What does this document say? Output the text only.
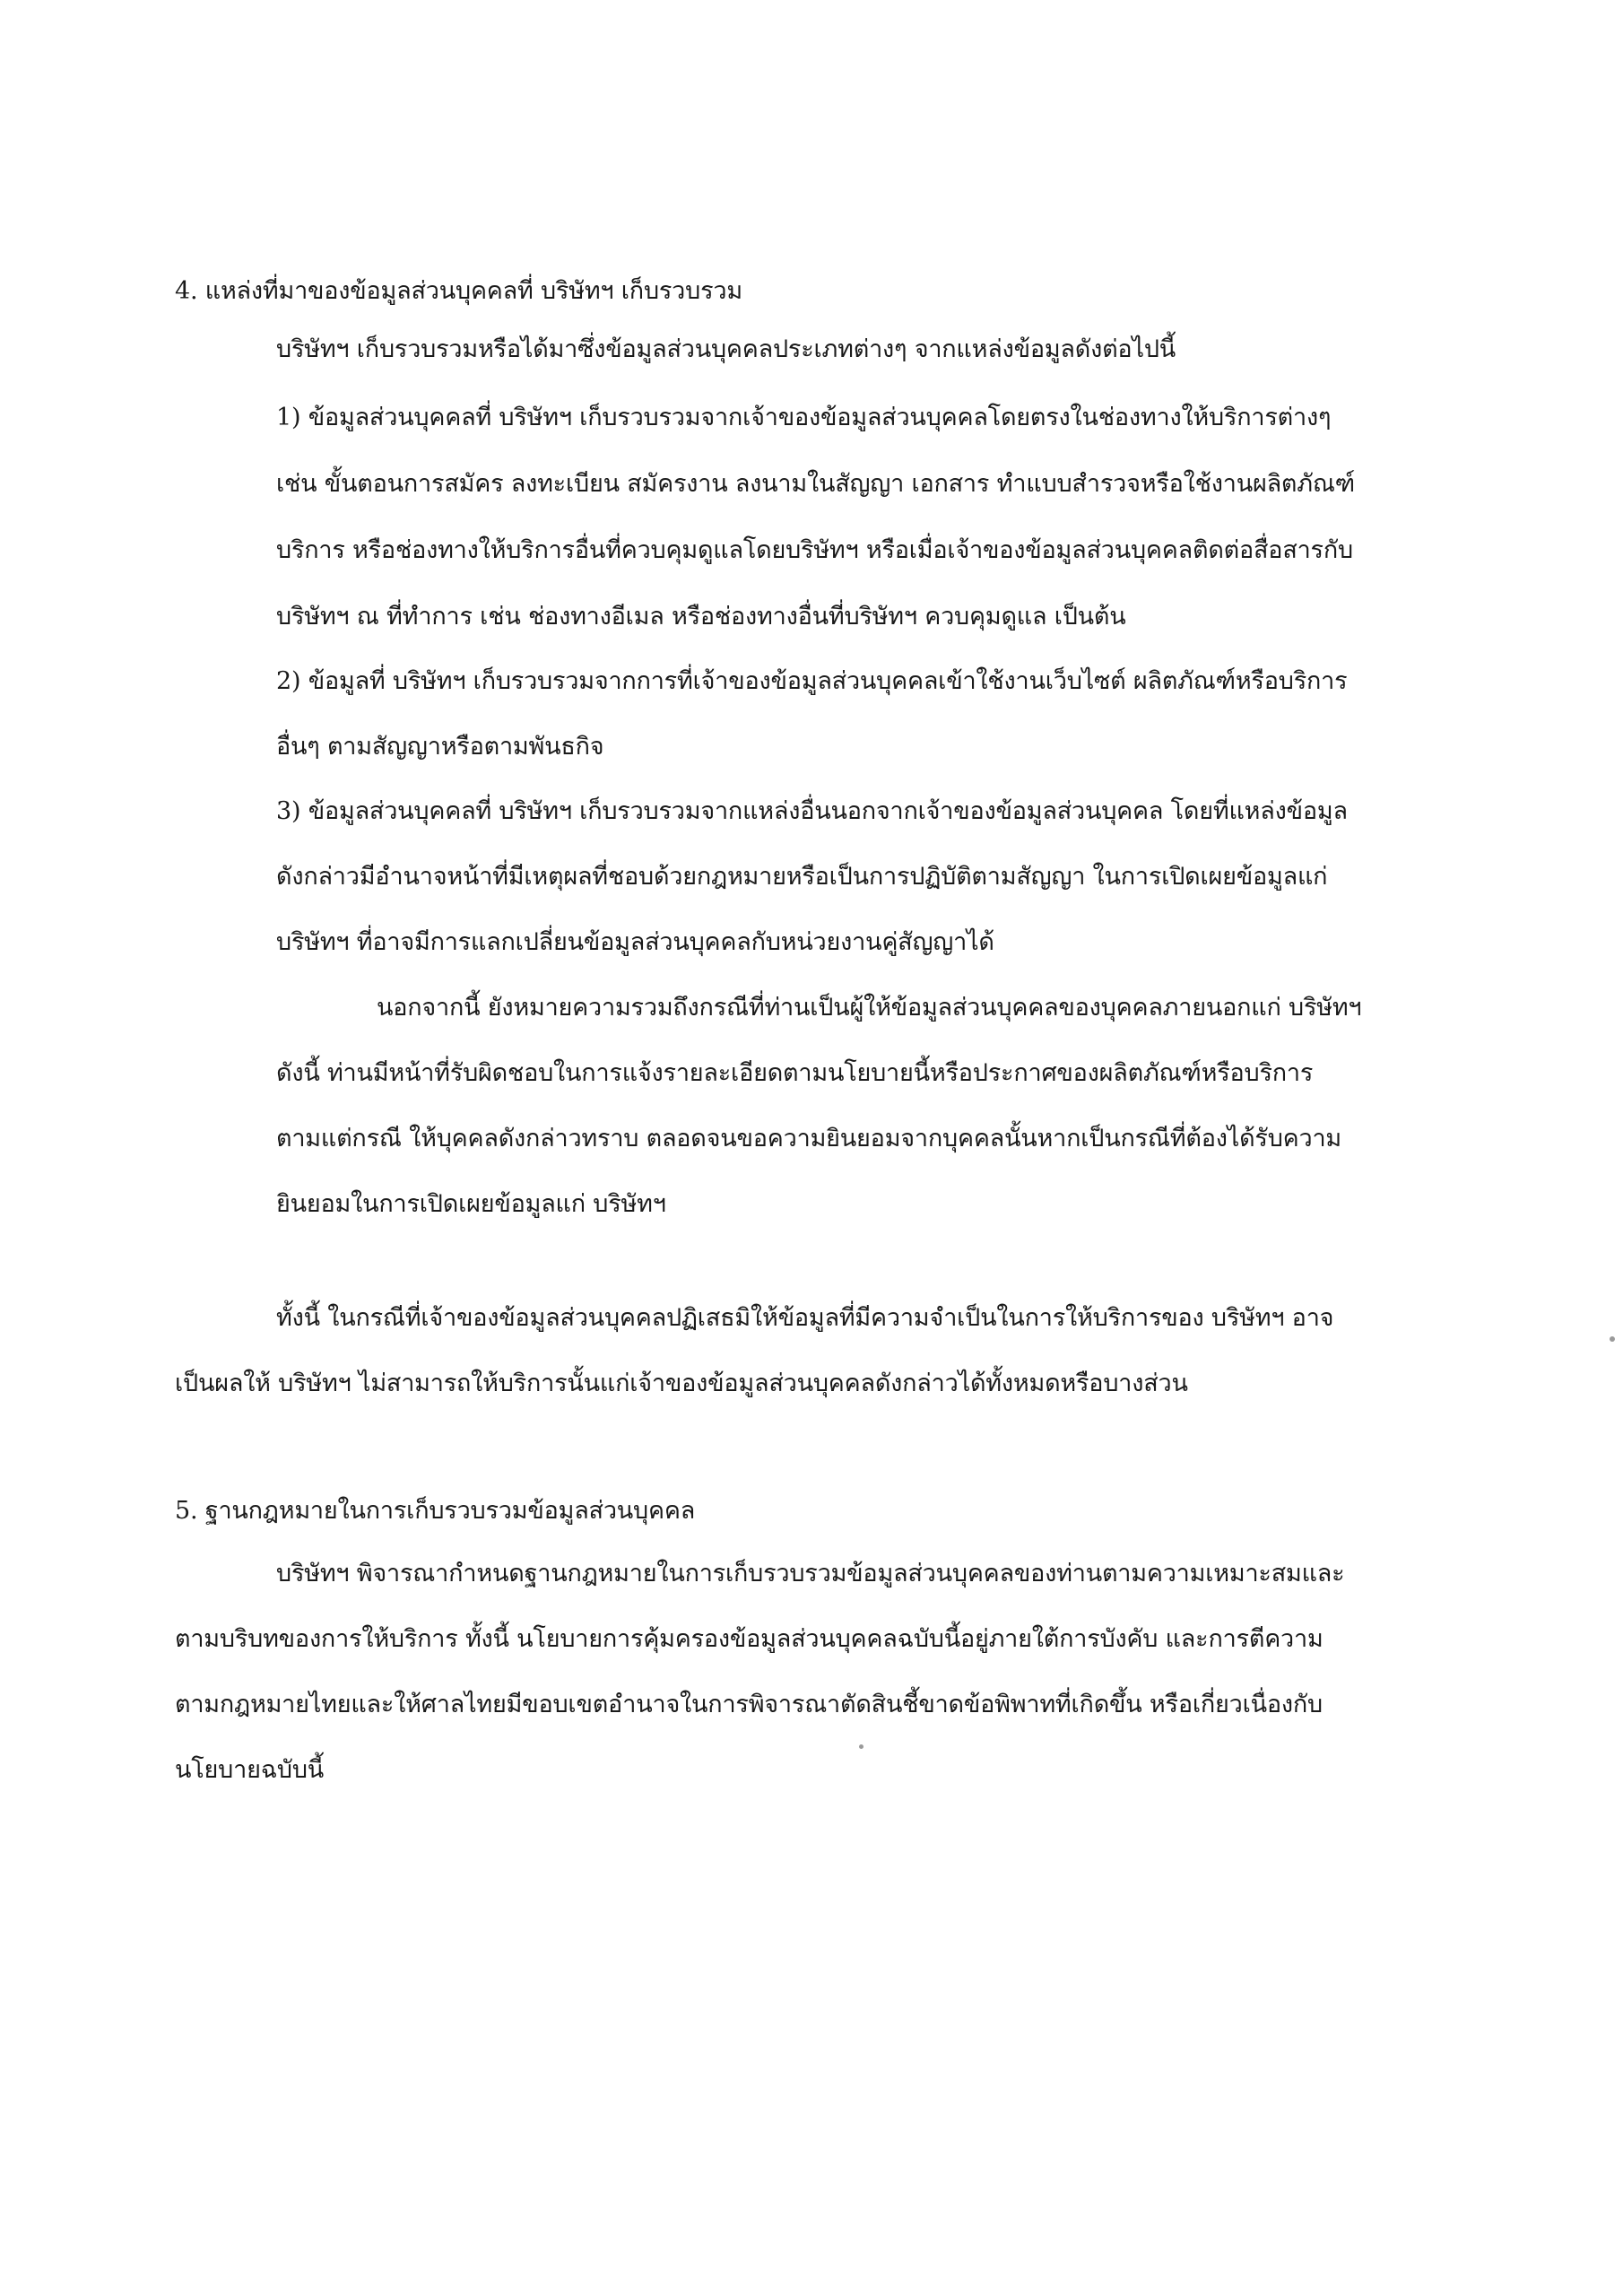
4. แหล่งที่มาของข้อมูลส่วนบุคคลที่ บริษัทฯ เก็บรวบรวม
บริษัทฯ เก็บรวบรวมหรือได้มาซึ่งข้อมูลส่วนบุคคลประเภทต่างๆ จากแหล่งข้อมูลดังต่อไปนี้
1) ข้อมูลส่วนบุคคลที่ บริษัทฯ เก็บรวบรวมจากเจ้าของข้อมูลส่วนบุคคลโดยตรงในช่องทางให้บริการต่างๆ
เช่น ขั้นตอนการสมัคร ลงทะเบียน สมัครงาน ลงนามในสัญญา เอกสาร ทำแบบสำรวจหรือใช้งานผลิตภัณฑ์
บริการ หรือช่องทางให้บริการอื่นที่ควบคุมดูแลโดยบริษัทฯ หรือเมื่อเจ้าของข้อมูลส่วนบุคคลติดต่อสื่อสารกับ
บริษัทฯ ณ ที่ทำการ เช่น ช่องทางอีเมล หรือช่องทางอื่นที่บริษัทฯ ควบคุมดูแล เป็นต้น
2) ข้อมูลที่ บริษัทฯ เก็บรวบรวมจากการที่เจ้าของข้อมูลส่วนบุคคลเข้าใช้งานเว็บไซต์ ผลิตภัณฑ์หรือบริการ
อื่นๆ ตามสัญญาหรือตามพันธกิจ
3) ข้อมูลส่วนบุคคลที่ บริษัทฯ เก็บรวบรวมจากแหล่งอื่นนอกจากเจ้าของข้อมูลส่วนบุคคล โดยที่แหล่งข้อมูล
ดังกล่าวมีอำนาจหน้าที่มีเหตุผลที่ชอบด้วยกฎหมายหรือเป็นการปฏิบัติตามสัญญา ในการเปิดเผยข้อมูลแก่
บริษัทฯ ที่อาจมีการแลกเปลี่ยนข้อมูลส่วนบุคคลกับหน่วยงานคู่สัญญาได้
นอกจากนี้ ยังหมายความรวมถึงกรณีที่ท่านเป็นผู้ให้ข้อมูลส่วนบุคคลของบุคคลภายนอกแก่ บริษัทฯ
ดังนี้ ท่านมีหน้าที่รับผิดชอบในการแจ้งรายละเอียดตามนโยบายนี้หรือประกาศของผลิตภัณฑ์หรือบริการ
ตามแต่กรณี ให้บุคคลดังกล่าวทราบ ตลอดจนขอความยินยอมจากบุคคลนั้นหากเป็นกรณีที่ต้องได้รับความ
ยินยอมในการเปิดเผยข้อมูลแก่ บริษัทฯ
ทั้งนี้ ในกรณีที่เจ้าของข้อมูลส่วนบุคคลปฏิเสธมิให้ข้อมูลที่มีความจำเป็นในการให้บริการของ บริษัทฯ อาจ
เป็นผลให้ บริษัทฯ ไม่สามารถให้บริการนั้นแก่เจ้าของข้อมูลส่วนบุคคลดังกล่าวได้ทั้งหมดหรือบางส่วน
5. ฐานกฎหมายในการเก็บรวบรวมข้อมูลส่วนบุคคล
บริษัทฯ พิจารณากำหนดฐานกฎหมายในการเก็บรวบรวมข้อมูลส่วนบุคคลของท่านตามความเหมาะสมและ
ตามบริบทของการให้บริการ ทั้งนี้ นโยบายการคุ้มครองข้อมูลส่วนบุคคลฉบับนี้อยู่ภายใต้การบังคับ และการตีความ
ตามกฎหมายไทยและให้ศาลไทยมีขอบเขตอำนาจในการพิจารณาตัดสินชี้ขาดข้อพิพาทที่เกิดขึ้น หรือเกี่ยวเนื่องกับ
นโยบายฉบับนี้
